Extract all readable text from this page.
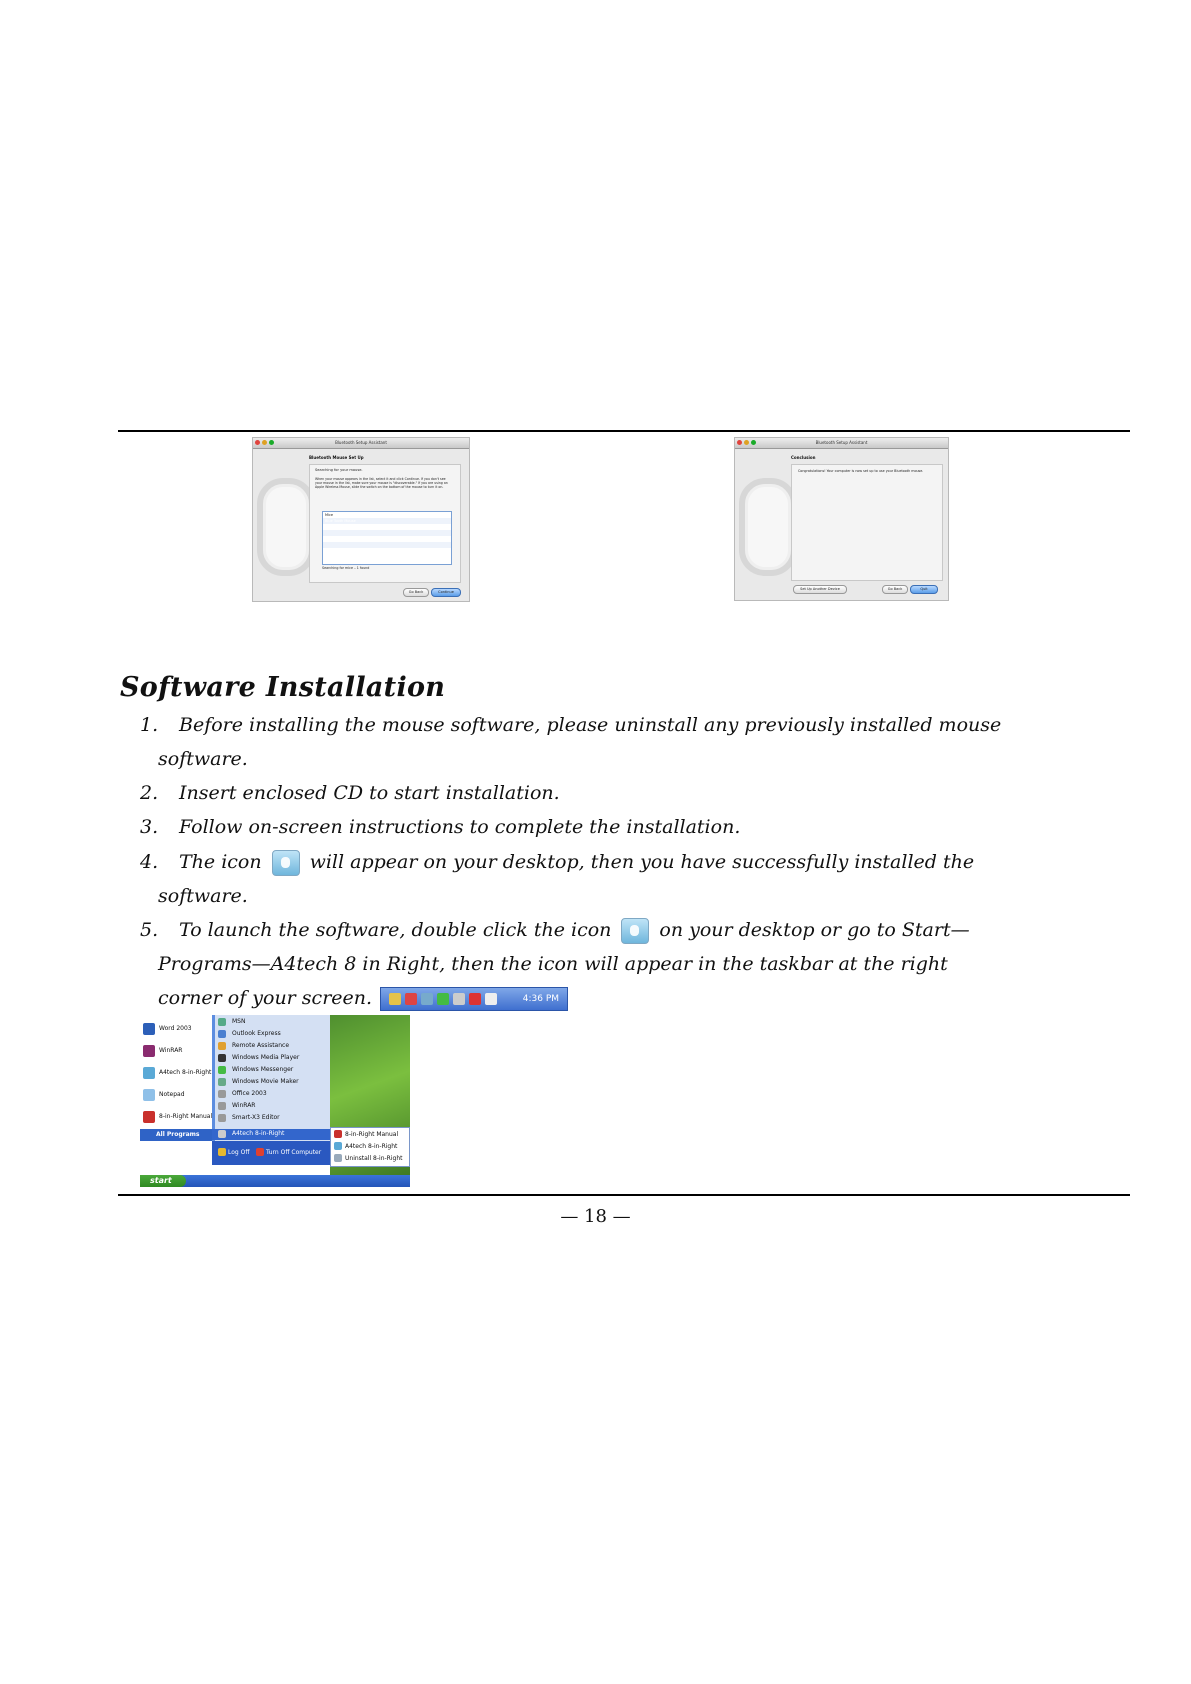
Bluetooth Setup Assistant
Bluetooth Mouse Set Up
Searching for your mouse.
When your mouse appears in the list, select it and click Continue. If you don't see your mouse in the list, make sure your mouse is "discoverable." If you are using an Apple Wireless Mouse, slide the switch on the bottom of the mouse to turn it on.
Mice
Blue Tooth Mouse
Searching for mice – 1 found
Go Back	Continue
Bluetooth Setup Assistant
Conclusion
Congratulations! Your computer is now set up to use your Bluetooth mouse.
Set Up Another Device	Go Back	Quit
Software Installation
1. Before installing the mouse software, please uninstall any previously installed mouse
software.
2. Insert enclosed CD to start installation.
3. Follow on-screen instructions to complete the installation.
4. The icon	will appear on your desktop, then you have successfully installed the
software.
5. To launch the software, double click the icon	on your desktop or go to Start—
Programs—A4tech 8 in Right, then the icon will appear in the taskbar at the right
corner of your screen.	4:36 PM
Word 2003
WinRAR
A4tech 8-in-Right
Notepad
8-in-Right Manual
All Programs
MSN
Outlook Express
Remote Assistance
Windows Media Player
Windows Messenger
Windows Movie Maker
Office 2003
WinRAR
Smart-X3 Editor
A4tech 8-in-Right
Log Off	Turn Off Computer
8-in-Right Manual
A4tech 8-in-Right
Uninstall 8-in-Right
start
— 18 —
